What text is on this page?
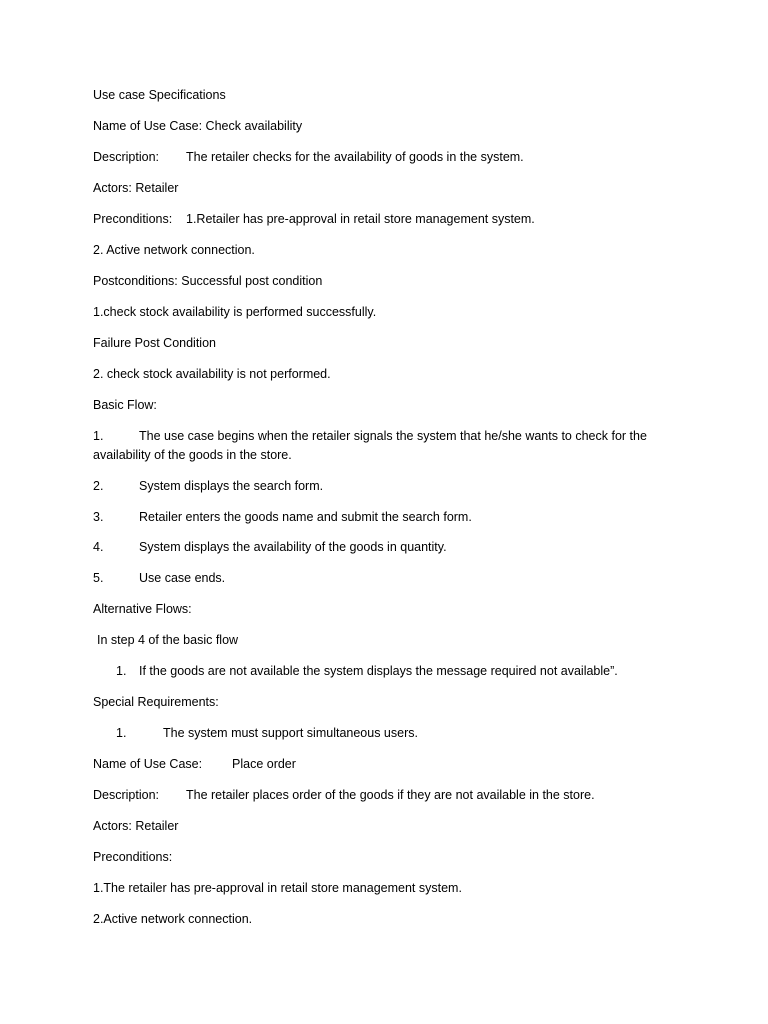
Use case Specifications
Name of Use Case: Check availability
Description: The retailer checks for the availability of goods in the system.
Actors: Retailer
Preconditions: 1.Retailer has pre-approval in retail store management system.
2. Active network connection.
Postconditions: Successful post condition
1.check stock availability is performed successfully.
Failure Post Condition
2. check stock availability is not performed.
Basic Flow:
1.	The use case begins when the retailer signals the system that he/she wants to check for the
availability of the goods in the store.
2.	System displays the search form.
3.	Retailer enters the goods name and submit the search form.
4.	System displays the availability of the goods in quantity.
5.	Use case ends.
Alternative Flows:
In step 4 of the basic flow
1. If the goods are not available the system displays the message required not available”.
Special Requirements:
1.	The system must support simultaneous users.
Name of Use Case: Place order
Description: The retailer places order of the goods if they are not available in the store.
Actors: Retailer
Preconditions:
1.The retailer has pre-approval in retail store management system.
2.Active network connection.
